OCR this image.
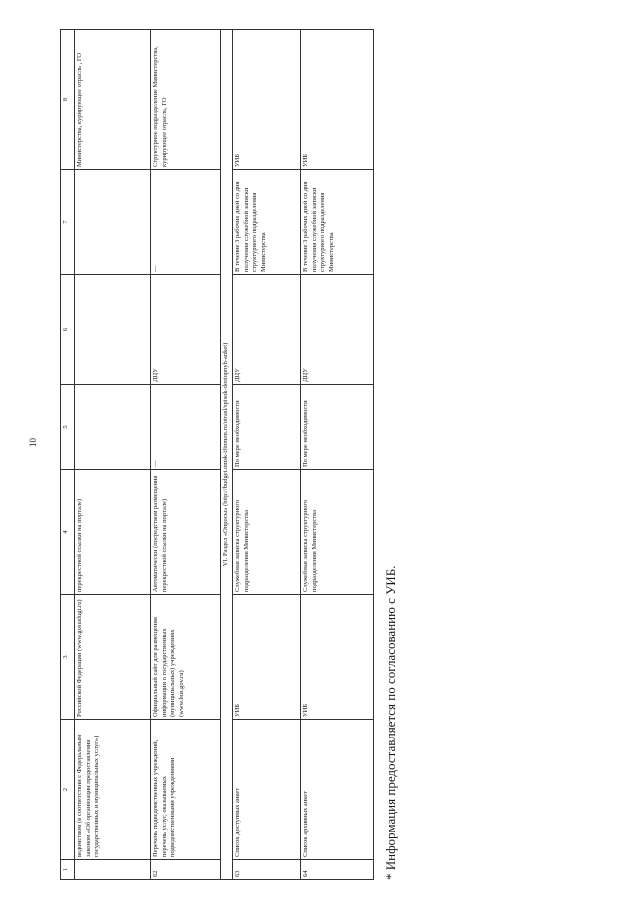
10
1	2	3	4	5	6	7	8
	ведомством (в соответствии с Федеральным законом «Об организации предоставления государственных и муниципальных услуг»)	Российской Федерации (www.gosuslugi.ru)	перекрестной ссылки на портале)				Министерства, курирующее отрасль , ГО
62	Перечень подведомственных учреждений, перечень услуг, оказываемых подведомственными учреждениями	Официальный сайт для размещения информации о государственных (муниципальных) учреждениях (www.bus.gov.ru)	Автоматически (посредством размещения перекрестной ссылки на портале)	—	ДЦУ	—	Структурное подразделение Министерства, курирующее отрасль, ГО
VI. Раздел «Опросы» (http://budget.omsk-ifinmon.ru/otrasl/spisok-dostupnyh-anket)							
63	Список доступных анкет	УИБ	Служебная записка структурного подразделения Министерства	По мере необходимости	ДЦУ	В течение 3 рабочих дней со дня получения служебной записки структурного подразделения Министерства	УИБ
64	Список архивных анкет	УИБ	Служебная записка структурного подразделения Министерства	По мере необходимости	ДЦУ	В течение 3 рабочих дней со дня получения служебной записки структурного подразделения Министерства	УИБ
* Информация предоставляется по согласованию с УИБ.
